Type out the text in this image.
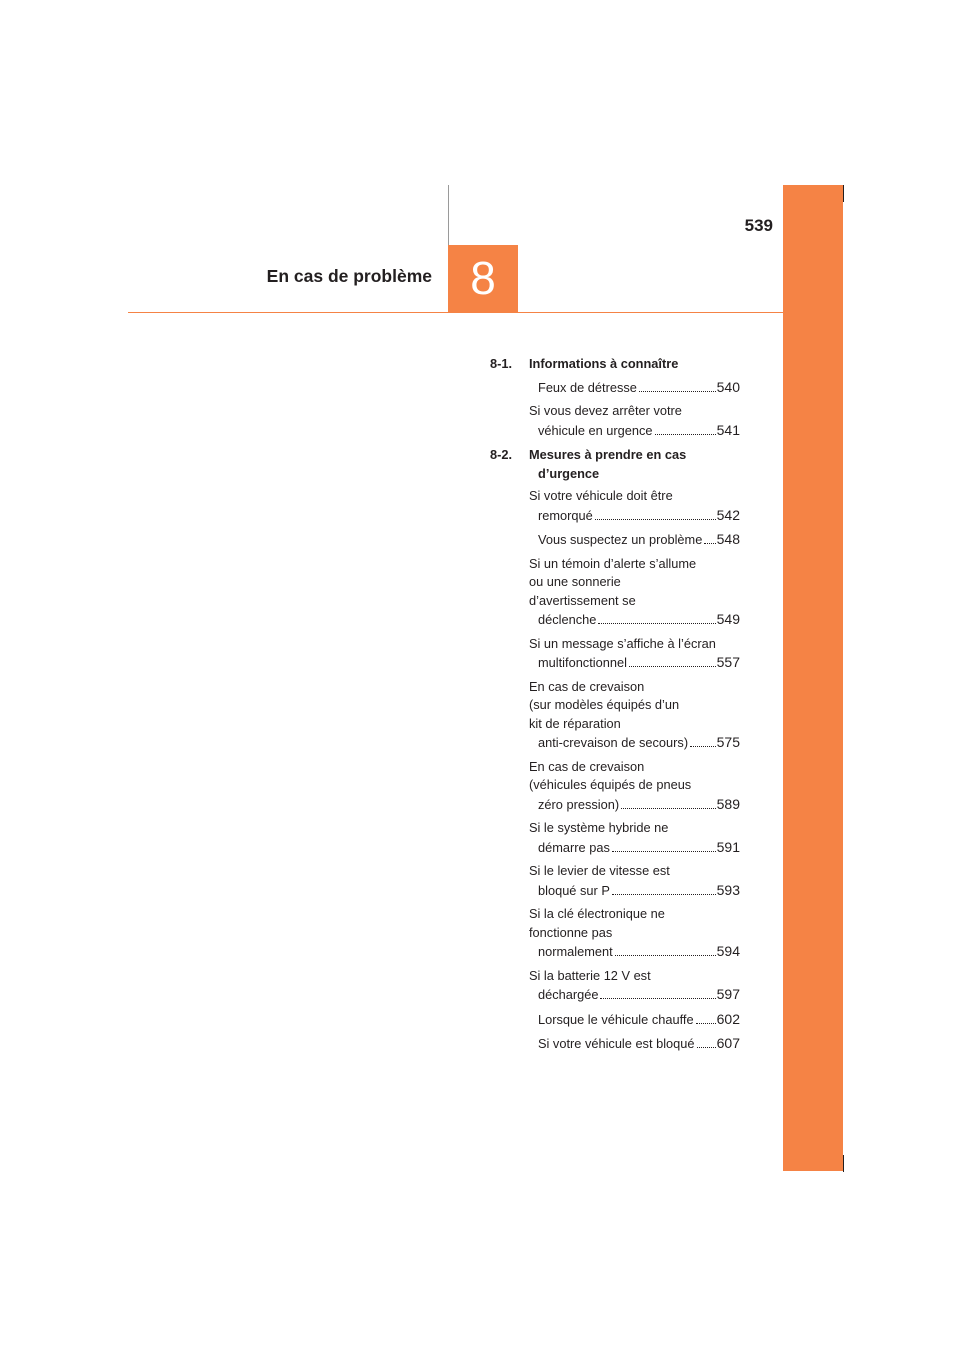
539
En cas de problème 8
8-1. Informations à connaître
Feux de détresse	540
Si vous devez arrêter votre
véhicule en urgence	541
8-2. Mesures à prendre en cas d’urgence
Si votre véhicule doit être
remorqué	542
Vous suspectez un problème 548
Si un témoin d’alerte s’allume
ou une sonnerie
d’avertissement se
déclenche	549
Si un message s’affiche à l’écran
multifonctionnel	557
En cas de crevaison
(sur modèles équipés d’un
kit de réparation
anti-crevaison de secours) 575
En cas de crevaison
(véhicules équipés de pneus
zéro pression)	589
Si le système hybride ne
démarre pas	591
Si le levier de vitesse est
bloqué sur P	593
Si la clé électronique ne
fonctionne pas
normalement	594
Si la batterie 12 V est
déchargée	597
Lorsque le véhicule chauffe 602
Si votre véhicule est bloqué 607
